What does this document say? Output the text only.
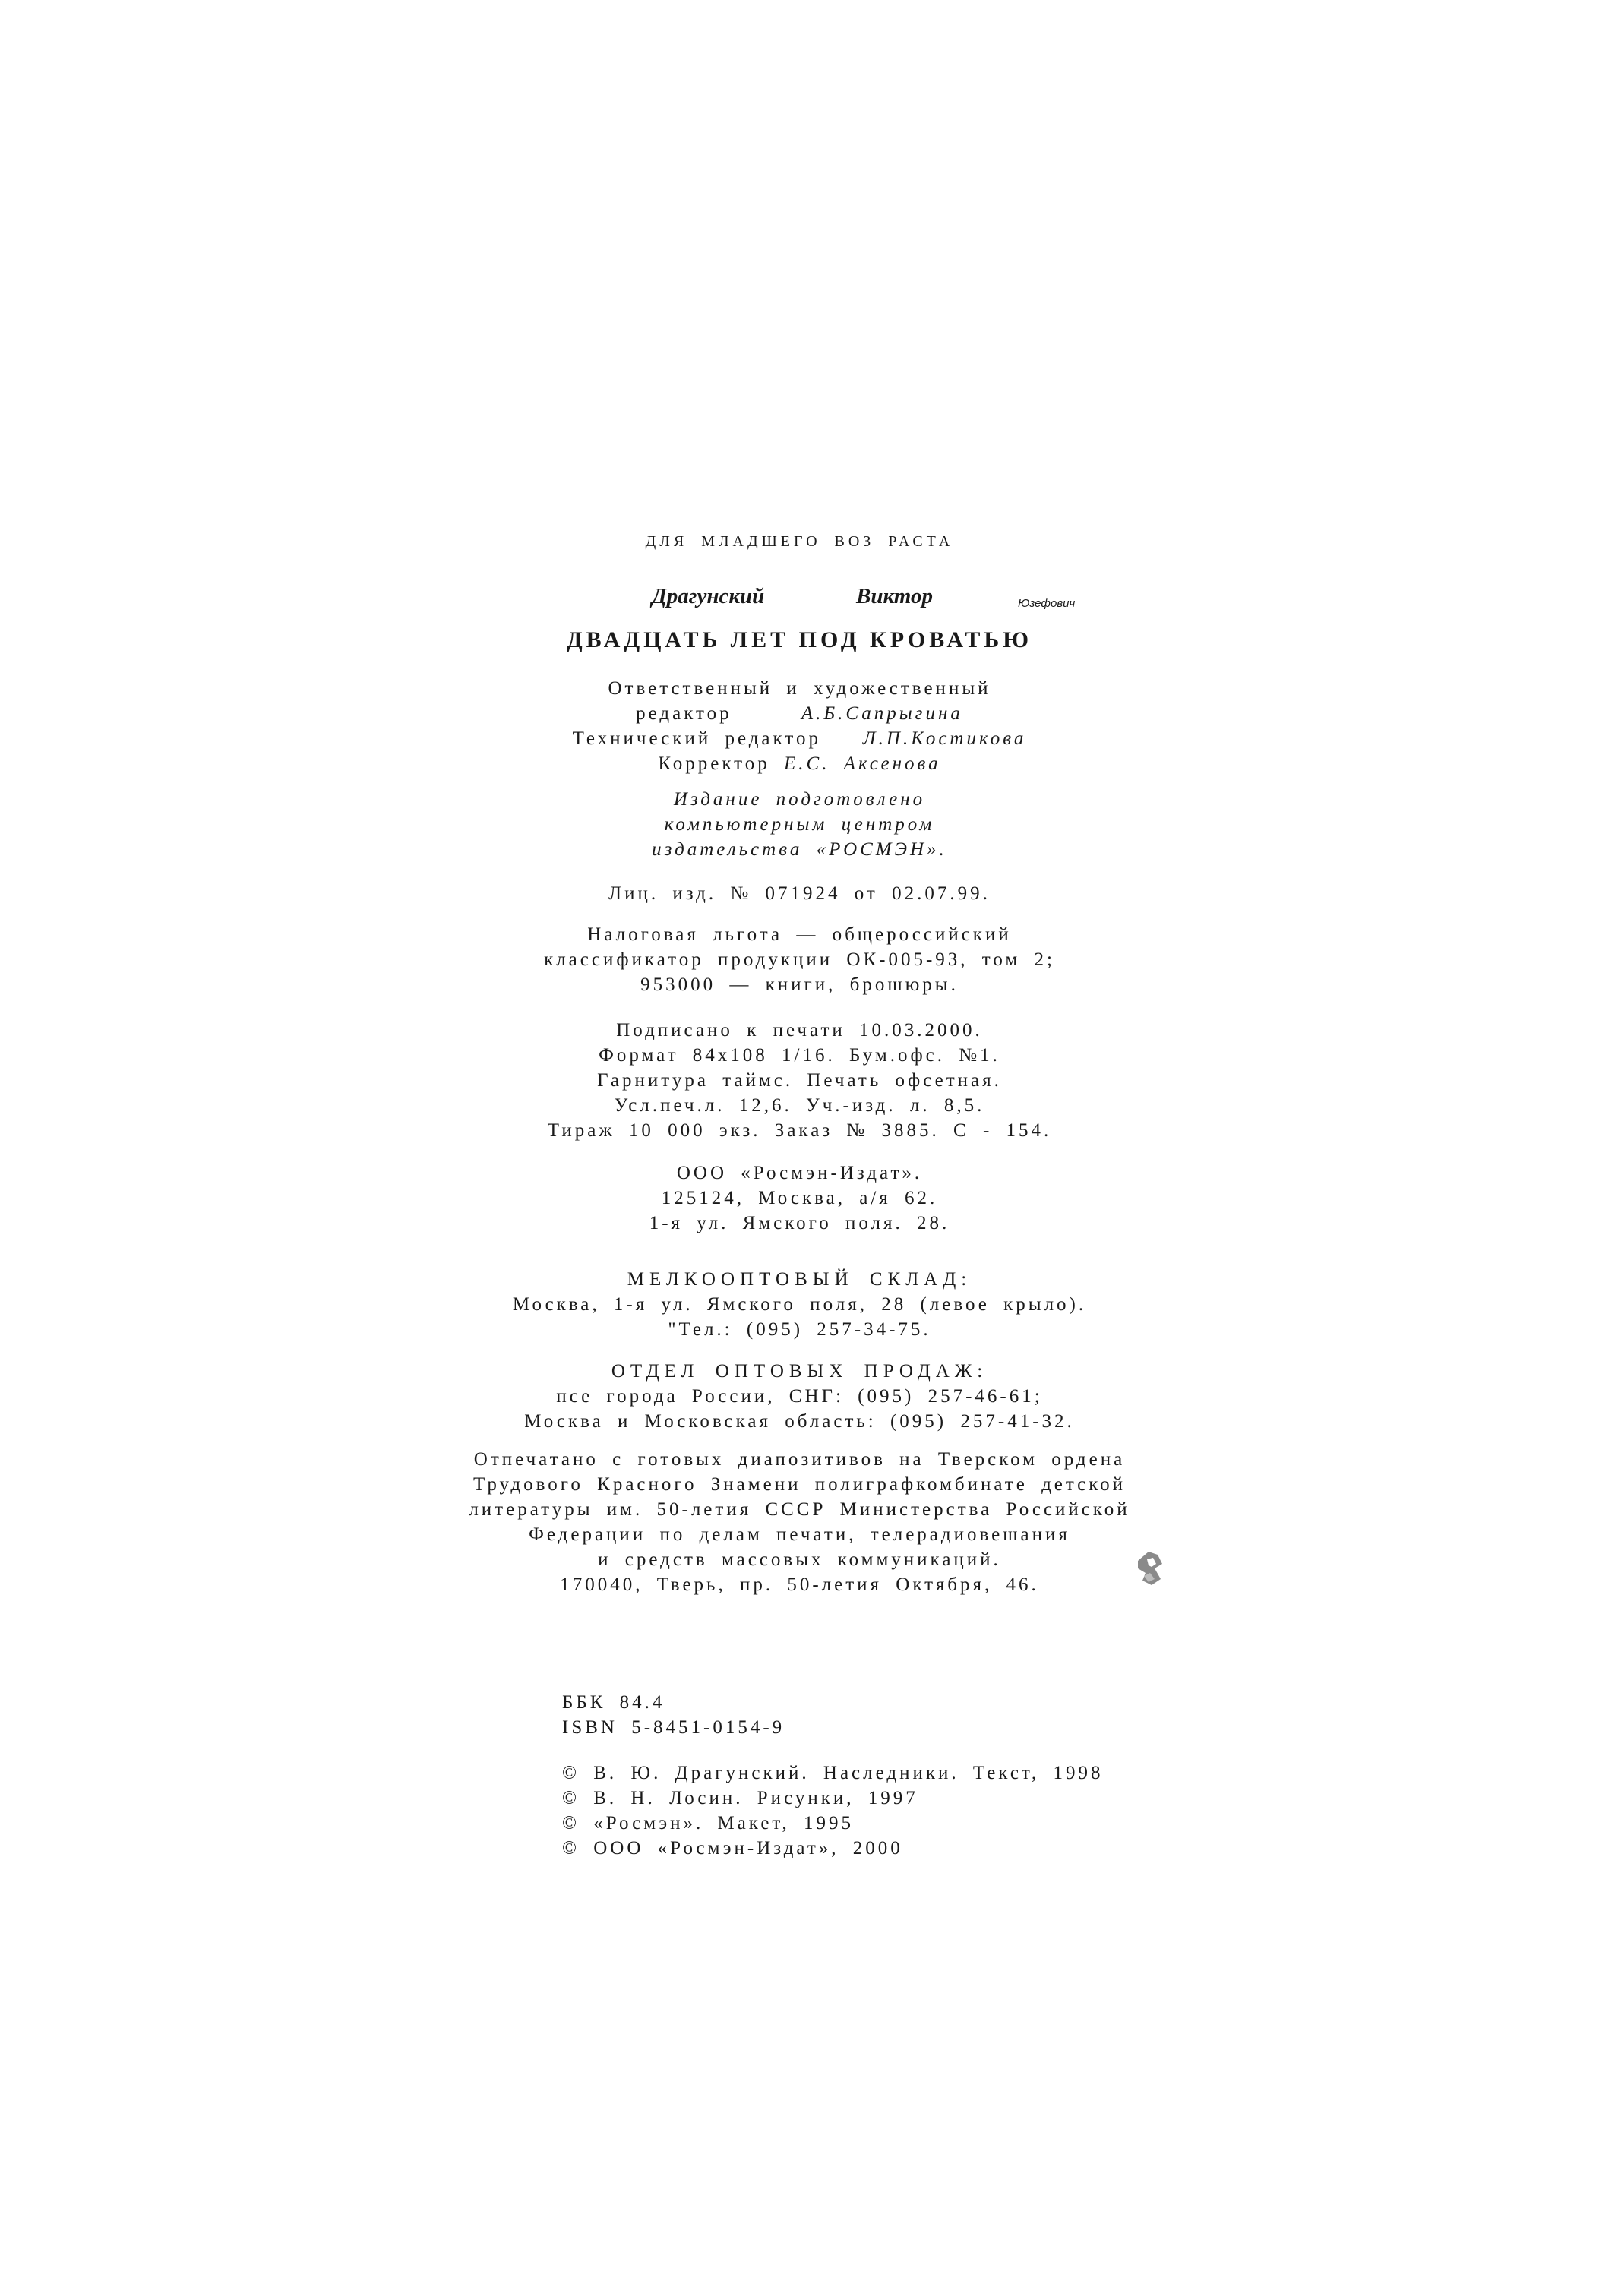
ДЛЯ МЛАДШЕГО ВОЗ РАСТА
Драгунский	Виктор	Юзефович
ДВАДЦАТЬ ЛЕТ ПОД КРОВАТЬЮ
Ответственный и художественный
редактор	А.Б.Сапрыгина
Технический редактор Л.П.Костикова
Корректор Е.С. Аксенова
Издание подготовлено
компьютерным центром
издательства «РОСМЭН».
Лиц. изд. № 071924 от 02.07.99.
Налоговая льгота — общероссийский
классификатор продукции ОК-005-93, том 2;
953000 — книги, брошюры.
Подписано к печати 10.03.2000.
Формат 84x108 1/16. Бум.офс. №1.
Гарнитура таймс. Печать офсетная.
Усл.печ.л. 12,6. Уч.-изд. л. 8,5.
Тираж 10 000 экз. Заказ № 3885. С - 154.
ООО «Росмэн-Издат».
125124, Москва, а/я 62.
1-я ул. Ямского поля. 28.
МЕЛКООПТОВЫЙ СКЛАД:
Москва, 1-я ул. Ямского поля, 28 (левое крыло).
"Тел.: (095) 257-34-75.
ОТДЕЛ ОПТОВЫХ ПРОДАЖ:
псе города России, СНГ: (095) 257-46-61;
Москва и Московская область: (095) 257-41-32.
Отпечатано с готовых диапозитивов на Тверском ордена
Трудового Красного Знамени полиграфкомбинате детской
литературы им. 50-летия СССР Министерства Российской
Федерации по делам печати, телерадиовешания
и средств массовых коммуникаций.
170040, Тверь, пр. 50-летия Октября, 46.
ББК 84.4
ISBN 5-8451-0154-9
© В. Ю. Драгунский. Наследники. Текст, 1998
© В. Н. Лосин. Рисунки, 1997
© «Росмэн». Макет, 1995
© ООО «Росмэн-Издат», 2000
